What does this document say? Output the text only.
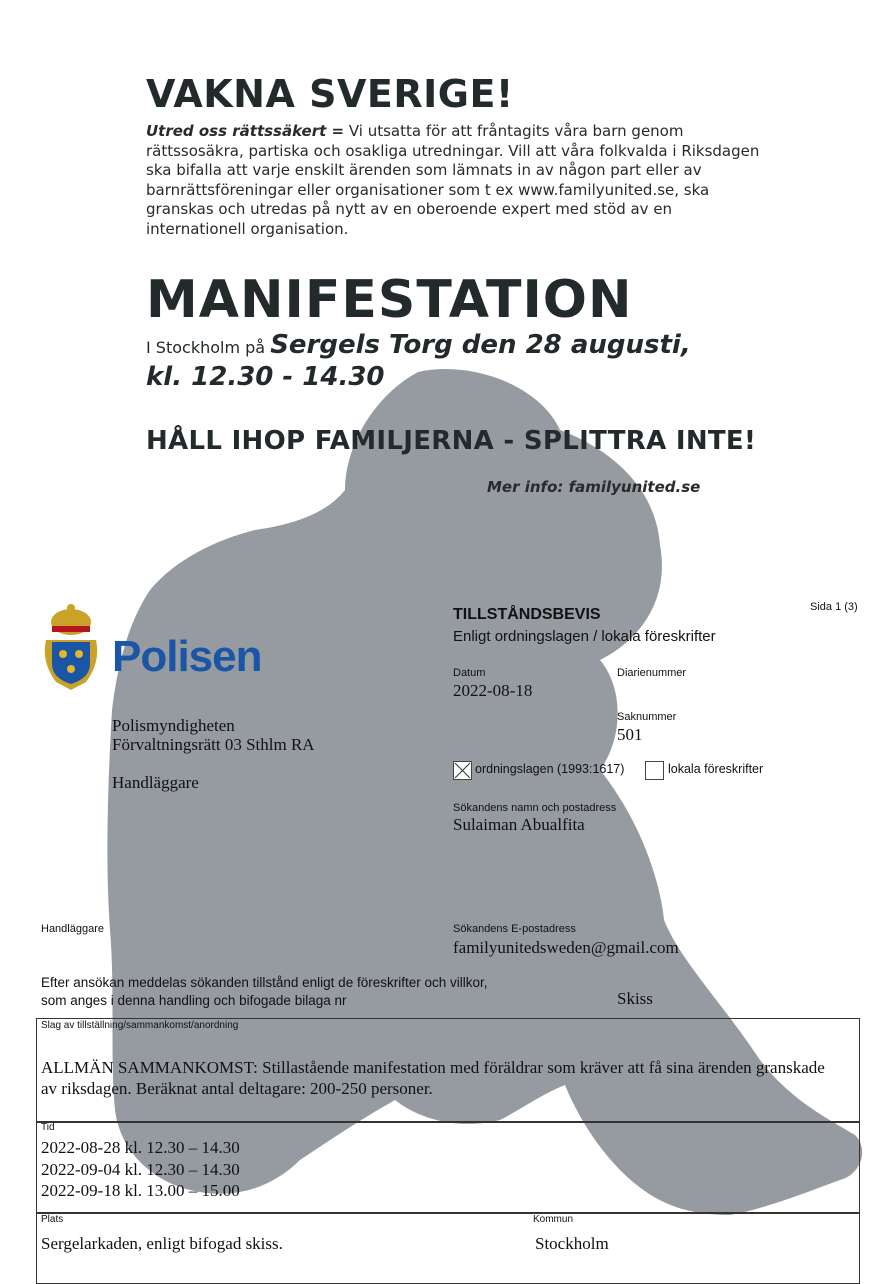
VAKNA SVERIGE!
Utred oss rättssäkert = Vi utsatta för att fråntagits våra barn genom rättssosäkra, partiska och osakliga utredningar. Vill att våra folkvalda i Riksdagen ska bifalla att varje enskilt ärenden som lämnats in av någon part eller av barnrättsföreningar eller organisationer som t ex www.familyunited.se, ska granskas och utredas på nytt av en oberoende expert med stöd av en internationell organisation.
MANIFESTATION
I Stockholm på Sergels Torg den 28 augusti,
kl. 12.30 - 14.30
HÅLL IHOP FAMILJERNA - SPLITTRA INTE!
Mer info: familyunited.se
Polisen
Sida 1 (3)
TILLSTÅNDSBEVIS
Enligt ordningslagen / lokala föreskrifter
Datum
2022-08-18
Diarienummer
Saknummer
501
Polismyndigheten
Förvaltningsrätt 03 Sthlm RA
Handläggare
ordningslagen (1993:1617)	lokala föreskrifter
Sökandens namn och postadress
Sulaiman Abualfita
Handläggare	Sökandens E-postadress
familyunitedsweden@gmail.com
Efter ansökan meddelas sökanden tillstånd enligt de föreskrifter och villkor,
som anges i denna handling och bifogade bilaga nr	Skiss
Slag av tillställning/sammankomst/anordning
ALLMÄN SAMMANKOMST: Stillastående manifestation med föräldrar som kräver att få sina ärenden granskade av riksdagen. Beräknat antal deltagare: 200-250 personer.
Tid
2022-08-28 kl. 12.30 – 14.30
2022-09-04 kl. 12.30 – 14.30
2022-09-18 kl. 13.00 – 15.00
Plats
Sergelarkaden, enligt bifogad skiss.
Kommun
Stockholm
